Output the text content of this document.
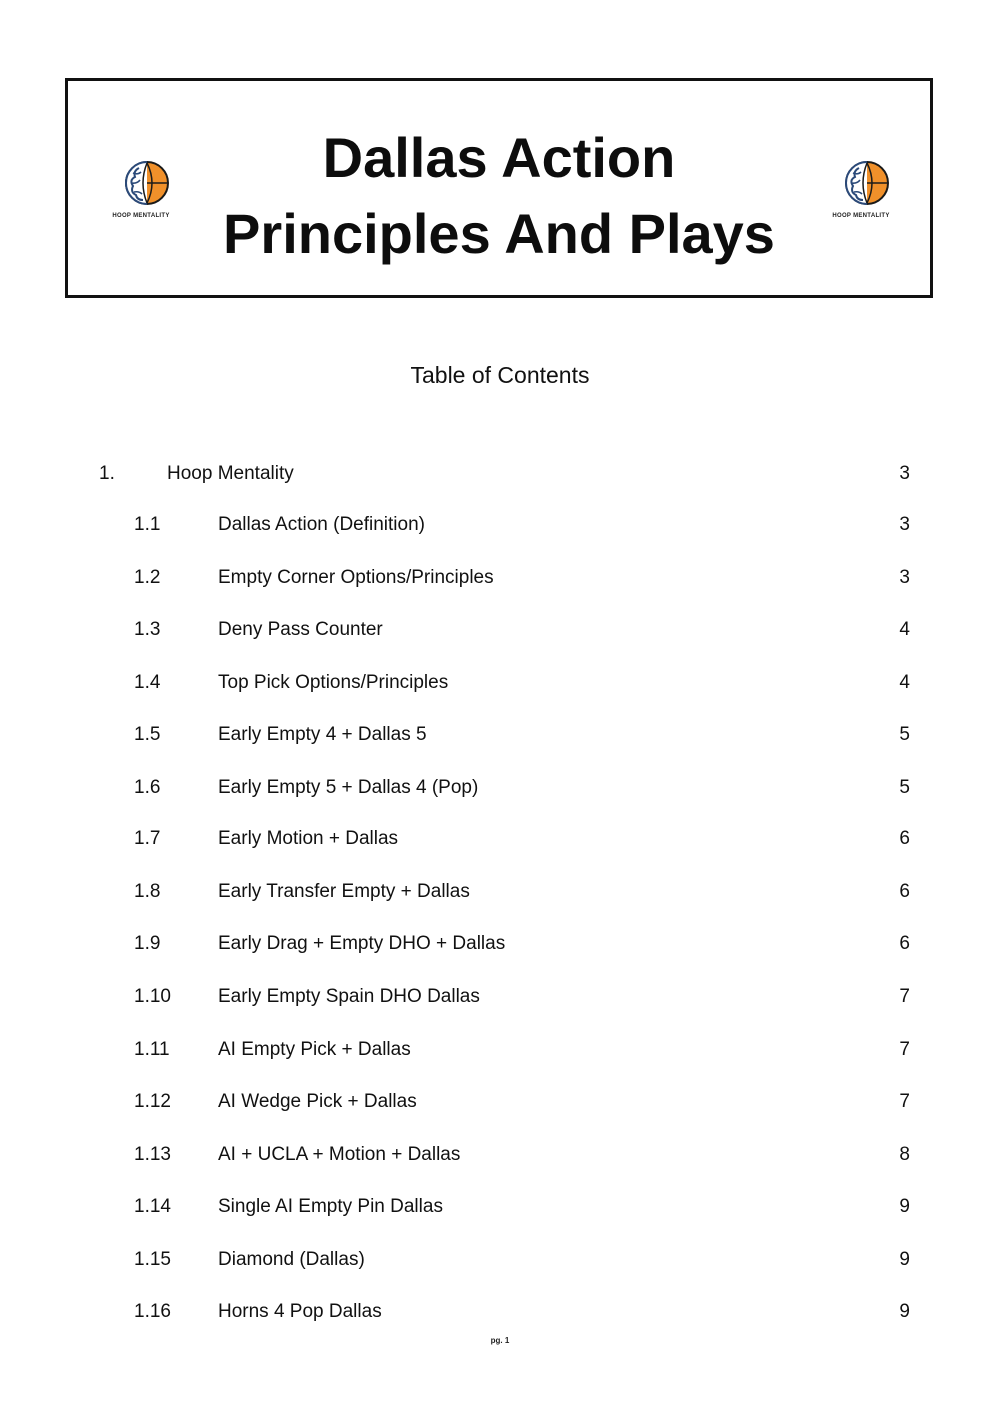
HOOP MENTALITY
Dallas Action
Principles And Plays	HOOP MENTALITY
Table of Contents
1.	Hoop Mentality	3
1.1	Dallas Action (Definition)	3
1.2	Empty Corner Options/Principles	3
1.3	Deny Pass Counter	4
1.4	Top Pick Options/Principles	4
1.5	Early Empty 4 + Dallas 5	5
1.6	Early Empty 5 + Dallas 4 (Pop)	5
1.7	Early Motion + Dallas	6
1.8	Early Transfer Empty + Dallas	6
1.9	Early Drag + Empty DHO + Dallas	6
1.10 Early Empty Spain DHO Dallas	7
1.11	AI Empty Pick + Dallas	7
1.12 AI Wedge Pick + Dallas	7
1.13 AI + UCLA + Motion + Dallas	8
1.14 Single AI Empty Pin Dallas	9
1.15 Diamond (Dallas)	9
1.16 Horns 4 Pop Dallas	9
pg. 1
